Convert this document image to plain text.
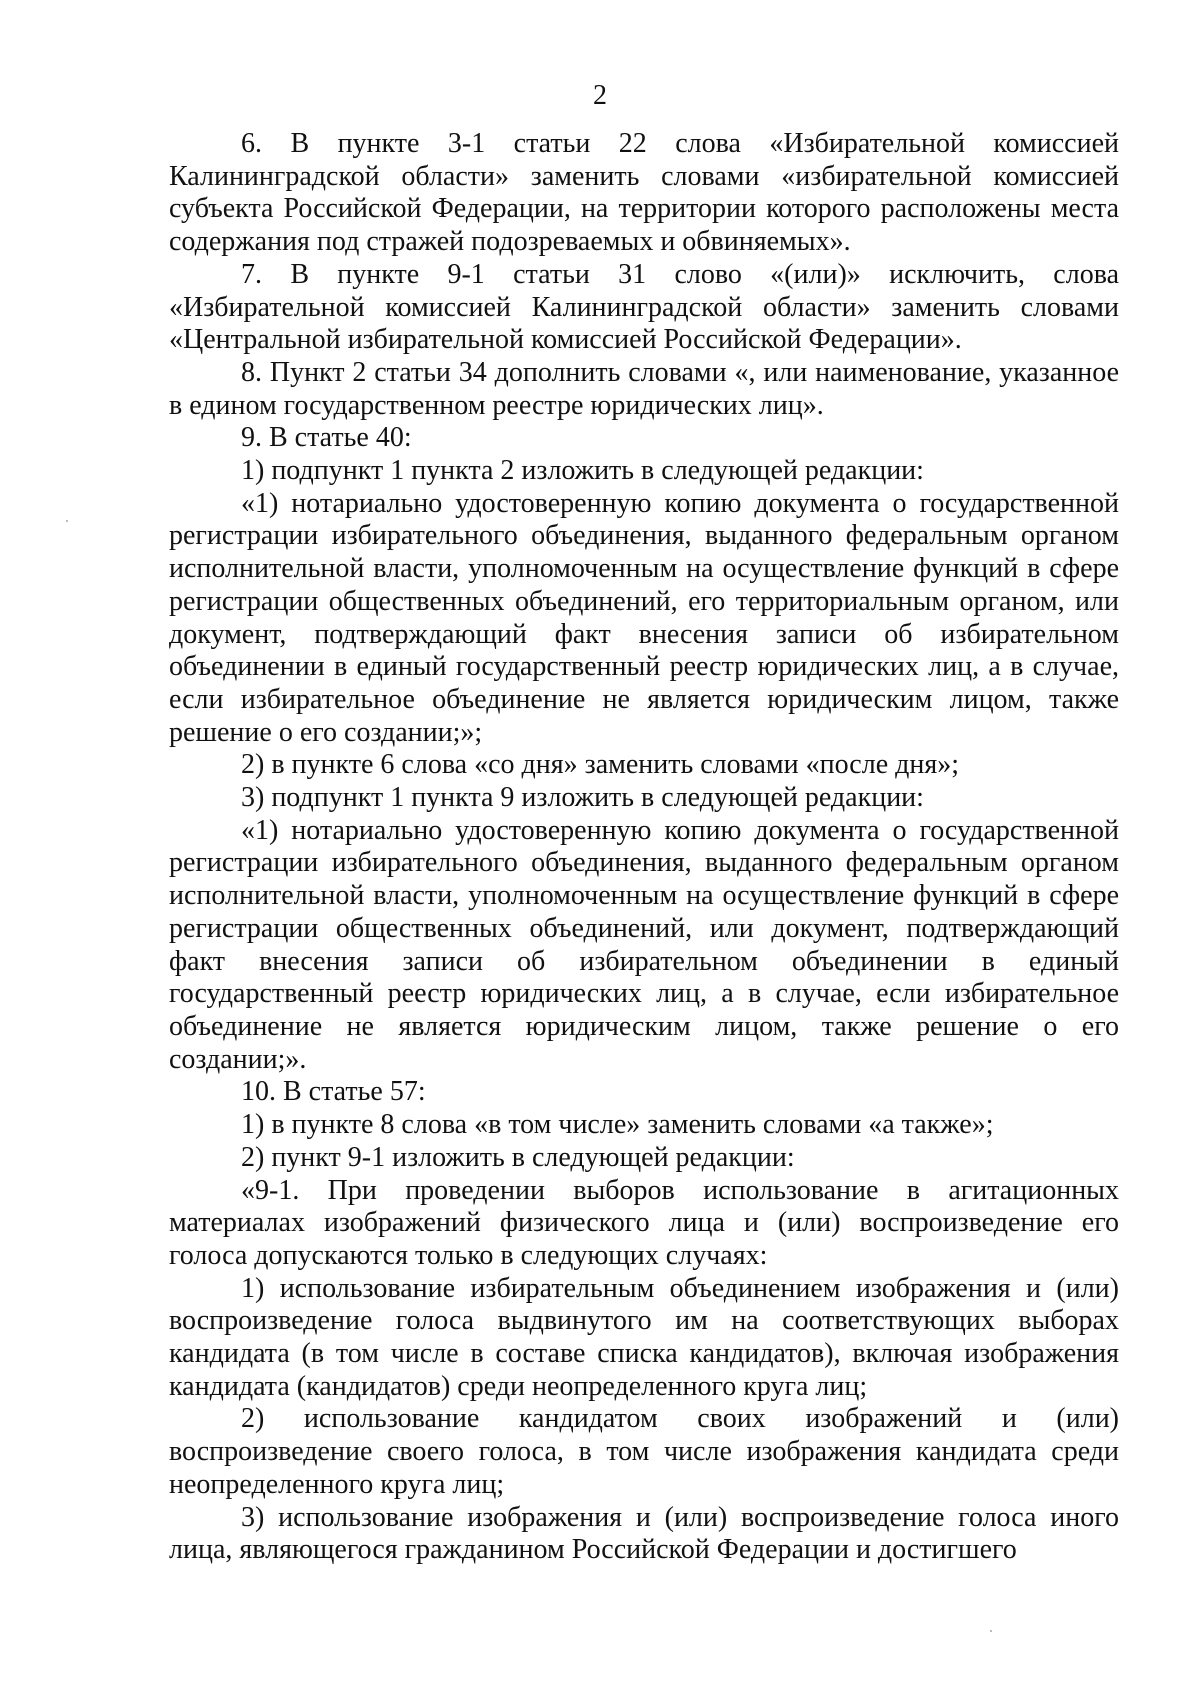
2

6. В пункте 3-1 статьи 22 слова «Избирательной комиссией Калининградской области» заменить словами «избирательной комиссией субъекта Российской Федерации, на территории которого расположены места содержания под стражей подозреваемых и обвиняемых».

7. В пункте 9-1 статьи 31 слово «(или)» исключить, слова «Избирательной комиссией Калининградской области» заменить словами «Центральной избирательной комиссией Российской Федерации».

8. Пункт 2 статьи 34 дополнить словами «, или наименование, указанное в едином государственном реестре юридических лиц».

9. В статье 40:

1) подпункт 1 пункта 2 изложить в следующей редакции:

«1) нотариально удостоверенную копию документа о государственной регистрации избирательного объединения, выданного федеральным органом исполнительной власти, уполномоченным на осуществление функций в сфере регистрации общественных объединений, его территориальным органом, или документ, подтверждающий факт внесения записи об избирательном объединении в единый государственный реестр юридических лиц, а в случае, если избирательное объединение не является юридическим лицом, также решение о его создании;»;

2) в пункте 6 слова «со дня» заменить словами «после дня»;

3) подпункт 1 пункта 9 изложить в следующей редакции:

«1) нотариально удостоверенную копию документа о государственной регистрации избирательного объединения, выданного федеральным органом исполнительной власти, уполномоченным на осуществление функций в сфере регистрации общественных объединений, или документ, подтверждающий факт внесения записи об избирательном объединении в единый государственный реестр юридических лиц, а в случае, если избирательное объединение не является юридическим лицом, также решение о его создании;».

10. В статье 57:

1) в пункте 8 слова «в том числе» заменить словами «а также»;

2) пункт 9-1 изложить в следующей редакции:

«9-1. При проведении выборов использование в агитационных материалах изображений физического лица и (или) воспроизведение его голоса допускаются только в следующих случаях:

1) использование избирательным объединением изображения и (или) воспроизведение голоса выдвинутого им на соответствующих выборах кандидата (в том числе в составе списка кандидатов), включая изображения кандидата (кандидатов) среди неопределенного круга лиц;

2) использование кандидатом своих изображений и (или) воспроизведение своего голоса, в том числе изображения кандидата среди неопределенного круга лиц;

3) использование изображения и (или) воспроизведение голоса иного лица, являющегося гражданином Российской Федерации и достигшего
